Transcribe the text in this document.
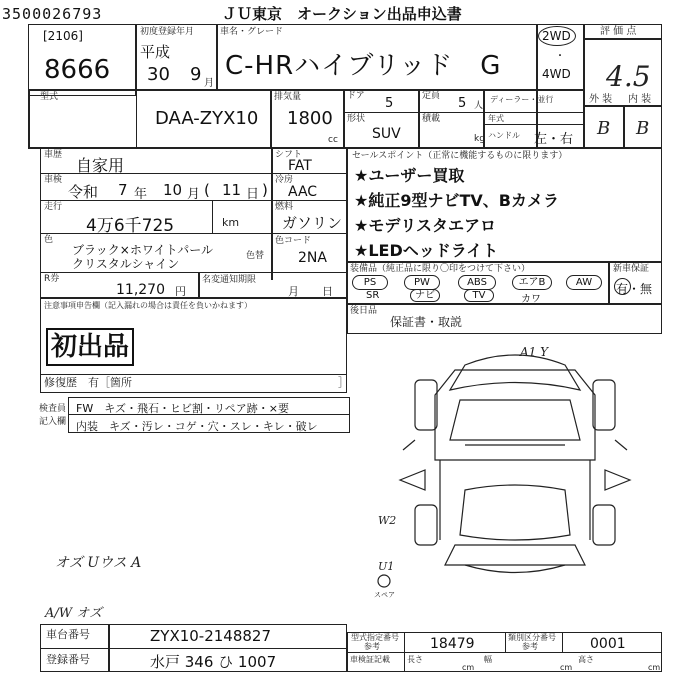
3500026793	ＪＵ東京　オークション出品申込書
[2106]
8666
初度登録年月
平成
30 9 月
車名・グレード
C-HRハイブリッド　G
2WD
・
4WD
評 価 点
4.5
外 装 内 装
B B
型式
DAA-ZYX10
排気量
1800
cc
ドア 5	定員 5 人
ディーラー・並行
形状
SUV
積載
kg
年式
ハンドル 左・右
車歴
自家用
シフト
FAT
車検
令和 7 年 10 月 ( 11 日 )
冷房
AAC
走行
4万6千725	km
燃料
ガソリン
色
ブラック×ホワイトパール
クリスタルシャイン
色替
色コード
2NA
R券
11,270 円
名変通知期限
月 日
注意事項申告欄（記入漏れの場合は責任を負いかねます）
初出品
修復歴 有［箇所	］
検査員
記入欄
FW　キズ・飛石・ヒビ割・リペア跡・×要
内装　キズ・汚レ・コゲ・穴・スレ・キレ・破レ
セールスポイント（正常に機能するものに限ります）
★ユーザー買取
★純正9型ナビTV、Bカメラ
★モデリスタエアロ
★LEDヘッドライト
装備品（純正品に限り〇印をつけて下さい）
PS	PW	ABS	エアB	AW
SR	ナビ	TV	カワ
新車保証
有・無
後日品
保証書・取説
スペア
A1 Y
W2
U1
オズ Uウス A
A/W オズ
車台番号	ZYX10-2148827
登録番号	水戸 346 ひ 1007
型式指定番号
参考	18479	類別区分番号
参考	0001
車検証記載 長さ
cm
幅
cm
高さ
cm
